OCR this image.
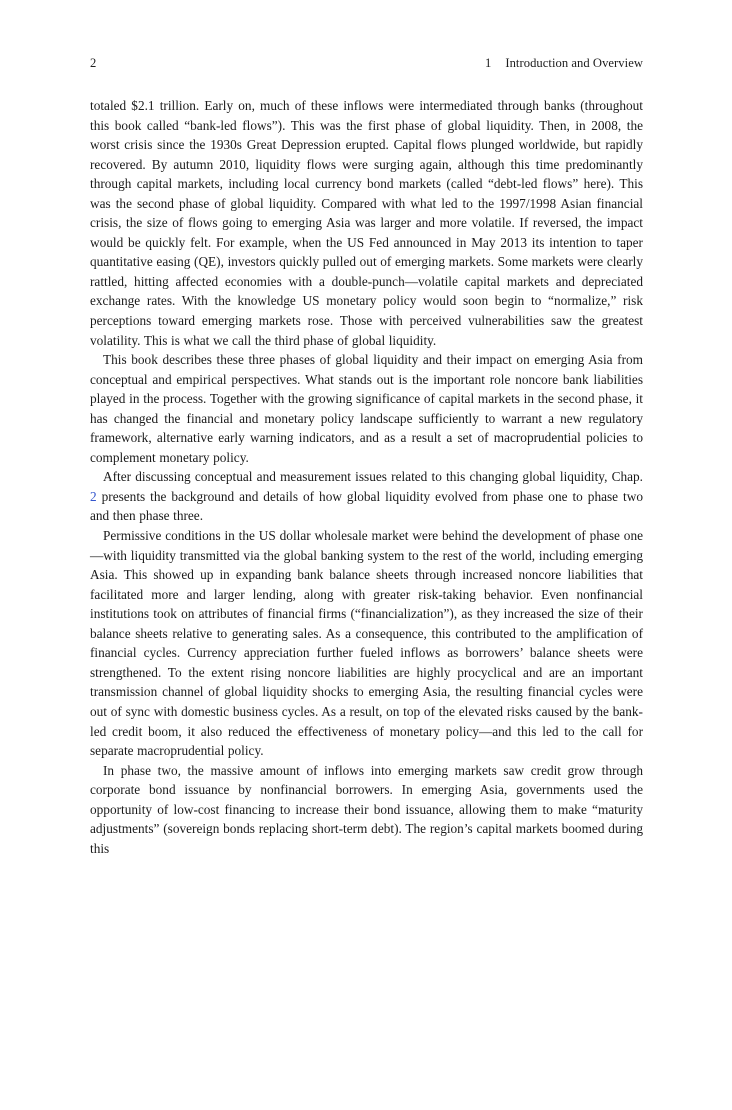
2	1 Introduction and Overview

totaled $2.1 trillion. Early on, much of these inflows were intermediated through banks (throughout this book called “bank-led flows”). This was the first phase of global liquidity. Then, in 2008, the worst crisis since the 1930s Great Depression erupted. Capital flows plunged worldwide, but rapidly recovered. By autumn 2010, liquidity flows were surging again, although this time predominantly through capital markets, including local currency bond markets (called “debt-led flows” here). This was the second phase of global liquidity. Compared with what led to the 1997/1998 Asian financial crisis, the size of flows going to emerging Asia was larger and more volatile. If reversed, the impact would be quickly felt. For example, when the US Fed announced in May 2013 its intention to taper quantitative easing (QE), investors quickly pulled out of emerging markets. Some markets were clearly rattled, hitting affected economies with a double-punch—volatile capital markets and depreciated exchange rates. With the knowledge US monetary policy would soon begin to “normalize,” risk perceptions toward emerging markets rose. Those with perceived vulnerabilities saw the greatest volatility. This is what we call the third phase of global liquidity.

This book describes these three phases of global liquidity and their impact on emerging Asia from conceptual and empirical perspectives. What stands out is the important role noncore bank liabilities played in the process. Together with the growing significance of capital markets in the second phase, it has changed the financial and monetary policy landscape sufficiently to warrant a new regulatory framework, alternative early warning indicators, and as a result a set of macroprudential policies to complement monetary policy.

After discussing conceptual and measurement issues related to this changing global liquidity, Chap. 2 presents the background and details of how global liquidity evolved from phase one to phase two and then phase three.

Permissive conditions in the US dollar wholesale market were behind the development of phase one—with liquidity transmitted via the global banking system to the rest of the world, including emerging Asia. This showed up in expanding bank balance sheets through increased noncore liabilities that facilitated more and larger lending, along with greater risk-taking behavior. Even nonfinancial institutions took on attributes of financial firms (“financialization”), as they increased the size of their balance sheets relative to generating sales. As a consequence, this contributed to the amplification of financial cycles. Currency appreciation further fueled inflows as borrowers’ balance sheets were strengthened. To the extent rising noncore liabilities are highly procyclical and are an important transmission channel of global liquidity shocks to emerging Asia, the resulting financial cycles were out of sync with domestic business cycles. As a result, on top of the elevated risks caused by the bank-led credit boom, it also reduced the effectiveness of monetary policy—and this led to the call for separate macroprudential policy.

In phase two, the massive amount of inflows into emerging markets saw credit grow through corporate bond issuance by nonfinancial borrowers. In emerging Asia, governments used the opportunity of low-cost financing to increase their bond issuance, allowing them to make “maturity adjustments” (sovereign bonds replacing short-term debt). The region’s capital markets boomed during this
